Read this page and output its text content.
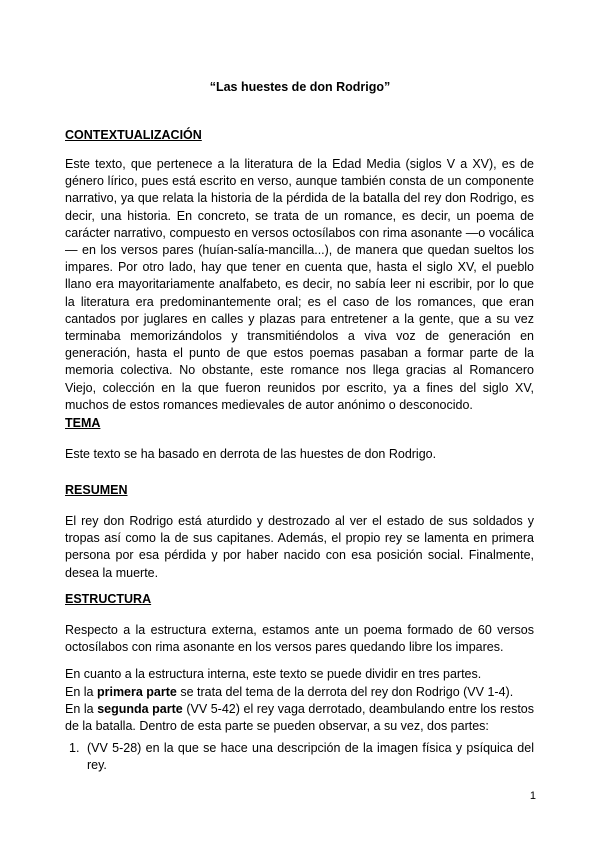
“Las huestes de don Rodrigo”
CONTEXTUALIZACIÓN

Este texto, que pertenece a la literatura de la Edad Media (siglos V a XV), es de género lírico, pues está escrito en verso, aunque también consta de un componente narrativo, ya que relata la historia de la pérdida de la batalla del rey don Rodrigo, es decir, una historia. En concreto, se trata de un romance, es decir, un poema de carácter narrativo, compuesto en versos octosílabos con rima asonante —o vocálica— en los versos pares (huían-salía-mancilla...), de manera que quedan sueltos los impares. Por otro lado, hay que tener en cuenta que, hasta el siglo XV, el pueblo llano era mayoritariamente analfabeto, es decir, no sabía leer ni escribir, por lo que la literatura era predominantemente oral; es el caso de los romances, que eran cantados por juglares en calles y plazas para entretener a la gente, que a su vez terminaba memorizándolos y transmitiéndolos a viva voz de generación en generación, hasta el punto de que estos poemas pasaban a formar parte de la memoria colectiva. No obstante, este romance nos llega gracias al Romancero Viejo, colección en la que fueron reunidos por escrito, ya a fines del siglo XV, muchos de estos romances medievales de autor anónimo o desconocido.

TEMA

Este texto se ha basado en derrota de las huestes de don Rodrigo.

RESUMEN

El rey don Rodrigo está aturdido y destrozado al ver el estado de sus soldados y tropas así como la de sus capitanes. Además, el propio rey se lamenta en primera persona por esa pérdida y por haber nacido con esa posición social. Finalmente, desea la muerte.

ESTRUCTURA

Respecto a la estructura externa, estamos ante un poema formado de 60 versos octosílabos con rima asonante en los versos pares quedando libre los impares.

En cuanto a la estructura interna, este texto se puede dividir en tres partes.

En la primera parte se trata del tema de la derrota del rey don Rodrigo (VV 1-4).

En la segunda parte (VV 5-42) el rey vaga derrotado, deambulando entre los restos de la batalla. Dentro de esta parte se pueden observar, a su vez, dos partes:

1. (VV 5-28) en la que se hace una descripción de la imagen física y psíquica del rey.
1
